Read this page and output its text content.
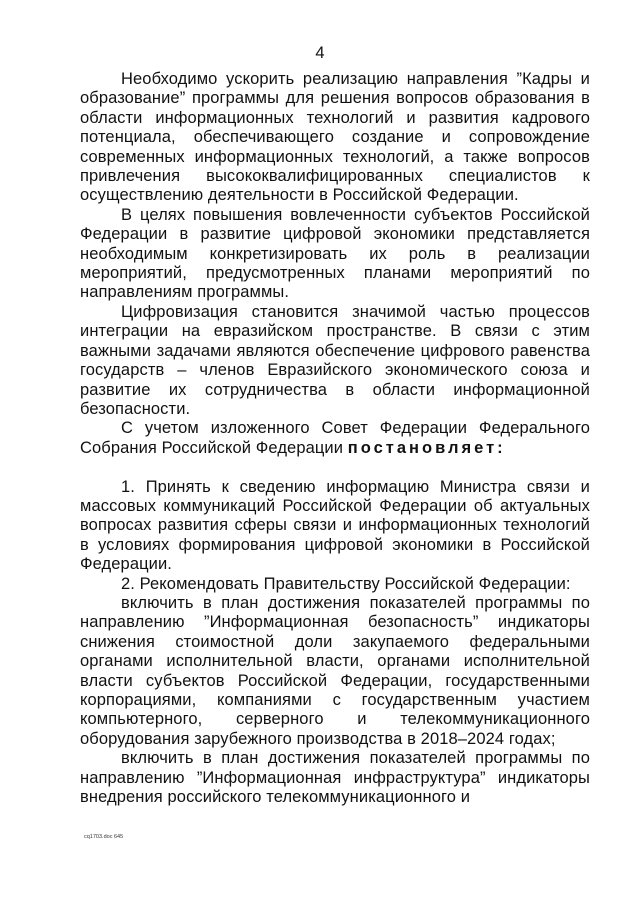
4

Необходимо ускорить реализацию направления ”Кадры и образование” программы для решения вопросов образования в области информационных технологий и развития кадрового потенциала, обеспечивающего создание и сопровождение современных информационных технологий, а также вопросов привлечения высококвалифицированных специалистов к осуществлению деятельности в Российской Федерации.

В целях повышения вовлеченности субъектов Российской Федерации в развитие цифровой экономики представляется необходимым конкретизировать их роль в реализации мероприятий, предусмотренных планами мероприятий по направлениям программы.

Цифровизация становится значимой частью процессов интеграции на евразийском пространстве. В связи с этим важными задачами являются обеспечение цифрового равенства государств – членов Евразийского экономического союза и развитие их сотрудничества в области информационной безопасности.

С учетом изложенного Совет Федерации Федерального Собрания Российской Федерации постановляет:

1. Принять к сведению информацию Министра связи и массовых коммуникаций Российской Федерации об актуальных вопросах развития сферы связи и информационных технологий в условиях формирования цифровой экономики в Российской Федерации.

2. Рекомендовать Правительству Российской Федерации:

включить в план достижения показателей программы по направлению ”Информационная безопасность” индикаторы снижения стоимостной доли закупаемого федеральными органами исполнительной власти, органами исполнительной власти субъектов Российской Федерации, государственными корпорациями, компаниями с государственным участием компьютерного, серверного и телекоммуникационного оборудования зарубежного производства в 2018–2024 годах;

включить в план достижения показателей программы по направлению ”Информационная инфраструктура” индикаторы внедрения российского телекоммуникационного и

cq1703.doc 645
